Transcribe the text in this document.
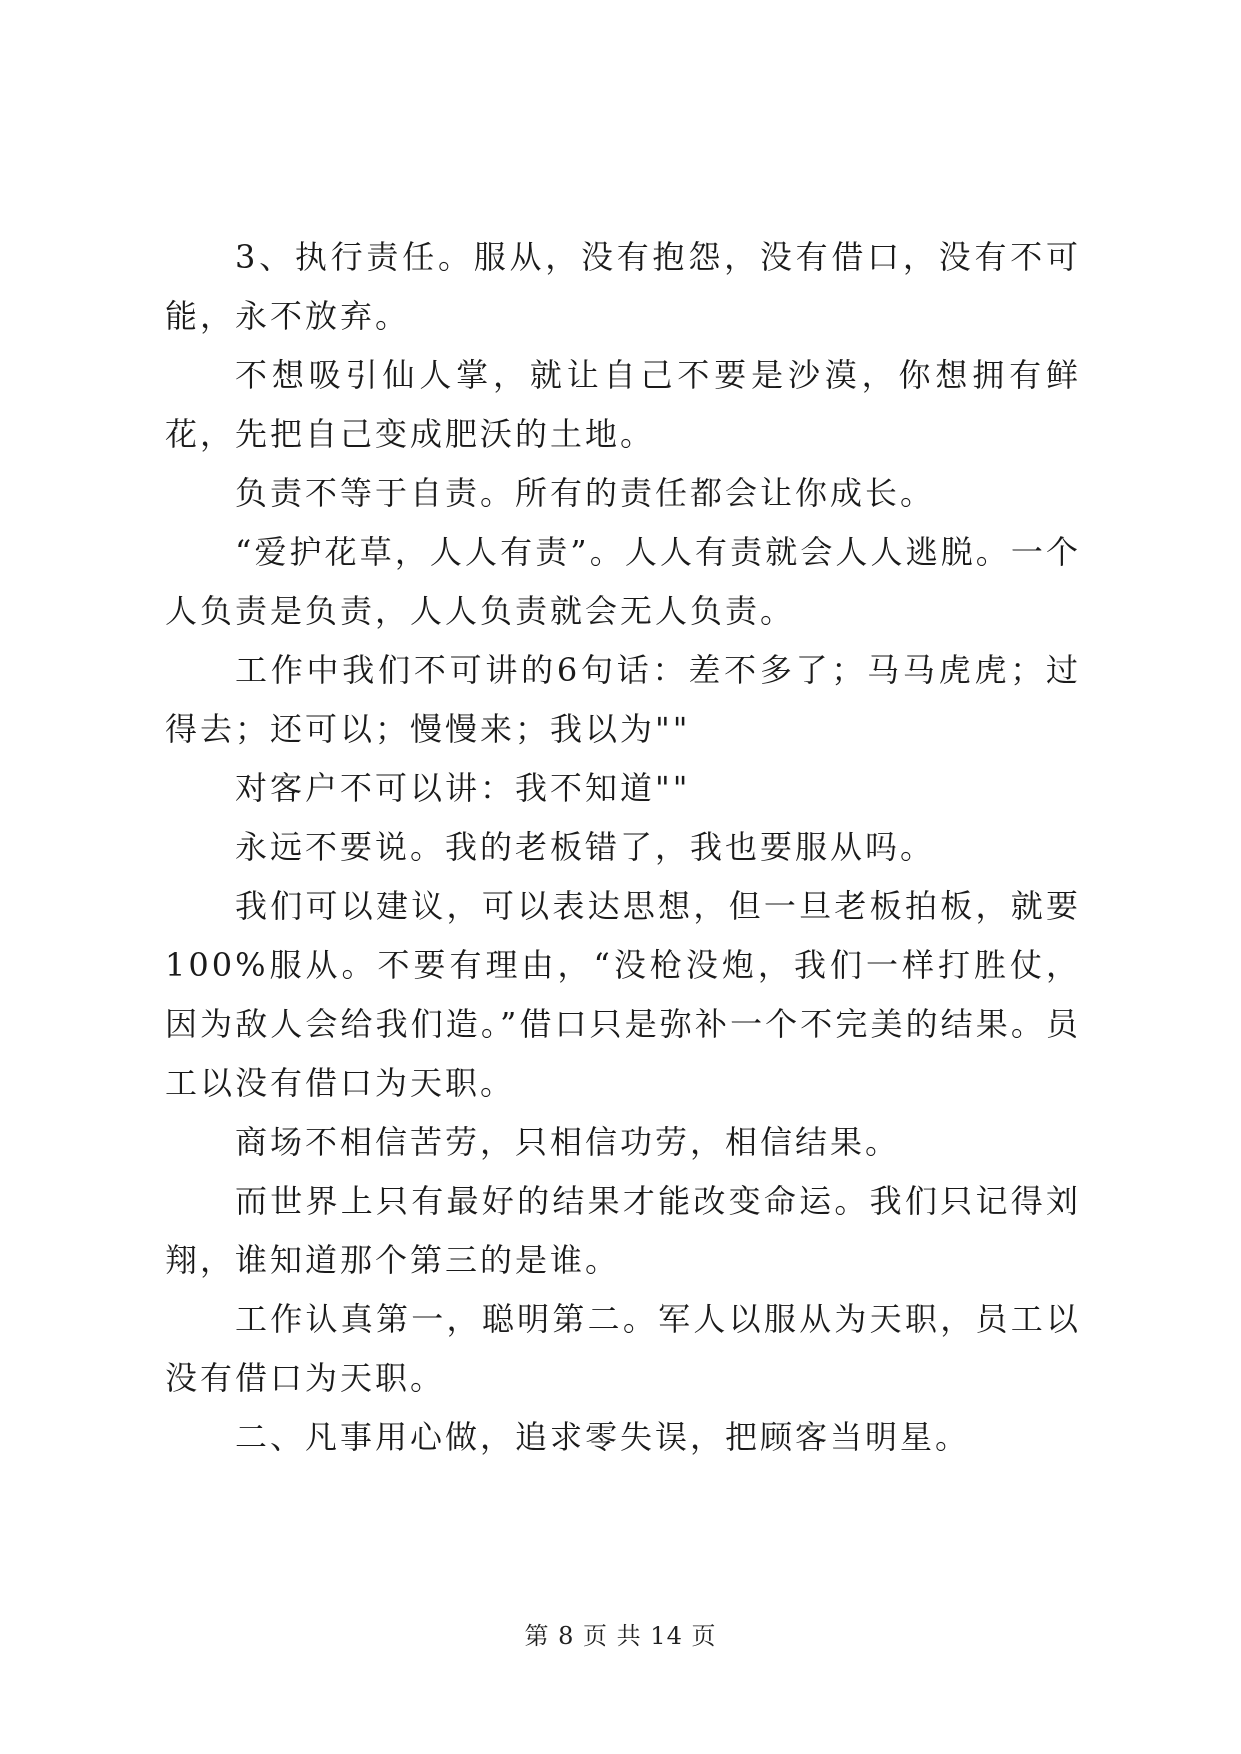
3、执行责任。服从，没有抱怨，没有借口，没有不可能，永不放弃。

不想吸引仙人掌，就让自己不要是沙漠，你想拥有鲜花，先把自己变成肥沃的土地。

负责不等于自责。所有的责任都会让你成长。

“爱护花草，人人有责”。人人有责就会人人逃脱。一个人负责是负责，人人负责就会无人负责。

工作中我们不可讲的6句话：差不多了；马马虎虎；过得去；还可以；慢慢来；我以为""

对客户不可以讲：我不知道""

永远不要说。我的老板错了，我也要服从吗。

我们可以建议，可以表达思想，但一旦老板拍板，就要100%服从。不要有理由，“没枪没炮，我们一样打胜仗，因为敌人会给我们造。”借口只是弥补一个不完美的结果。员工以没有借口为天职。

商场不相信苦劳，只相信功劳，相信结果。

而世界上只有最好的结果才能改变命运。我们只记得刘翔，谁知道那个第三的是谁。

工作认真第一，聪明第二。军人以服从为天职，员工以没有借口为天职。

二、凡事用心做，追求零失误，把顾客当明星。

第 8 页 共 14 页
